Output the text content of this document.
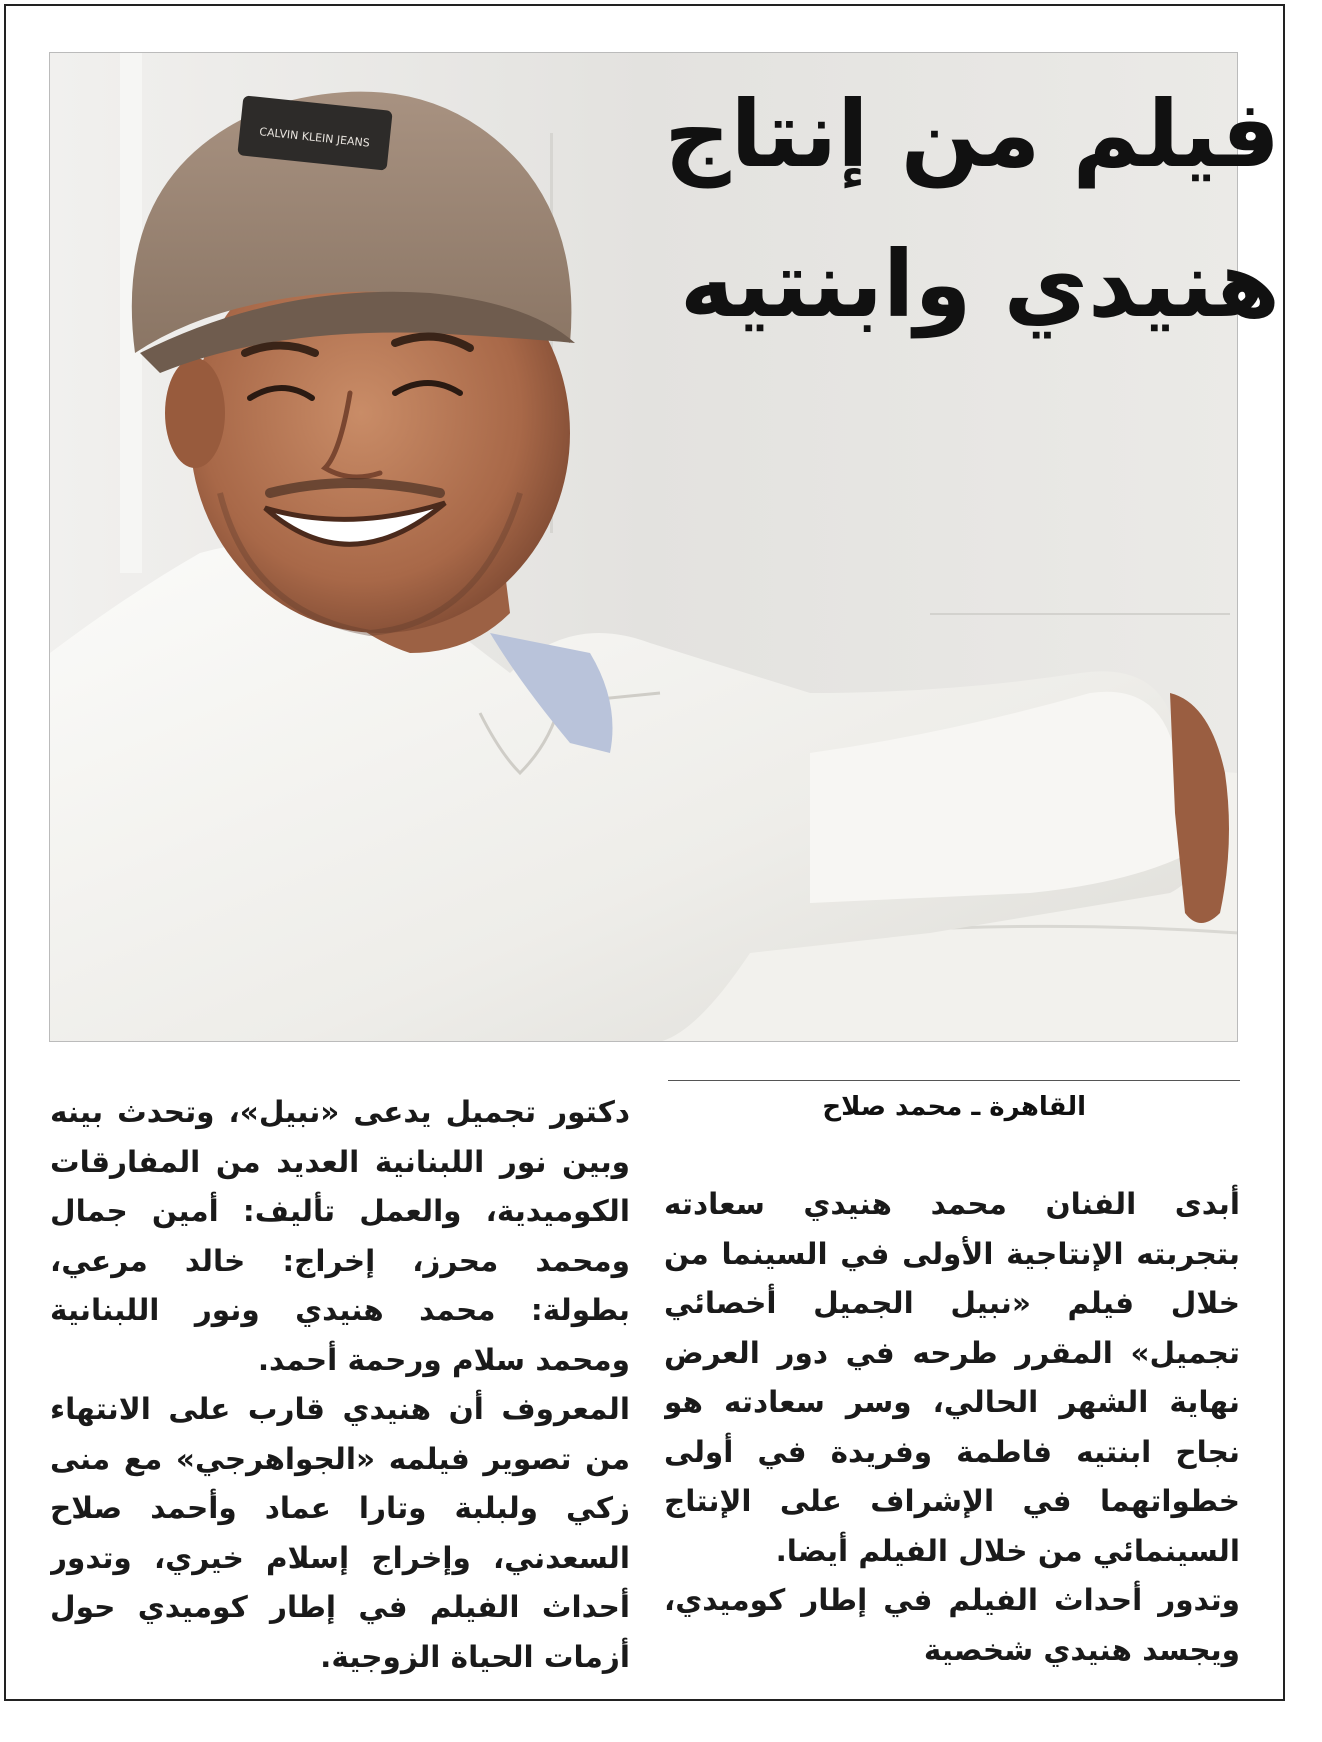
CALVIN KLEIN JEANS	فيلم من إنتاج هنيدي وابنتيه

القاهرة ـ محمد صلاح

أبدى الفنان محمد هنيدي سعادته بتجربته الإنتاجية الأولى في السينما من خلال فيلم «نبيل الجميل أخصائي تجميل» المقرر طرحه في دور العرض نهاية الشهر الحالي، وسر سعادته هو نجاح ابنتيه فاطمة وفريدة في أولى خطواتهما في الإشراف على الإنتاج السينمائي من خلال الفيلم أيضا.

وتدور أحداث الفيلم في إطار كوميدي، ويجسد هنيدي شخصية

دكتور تجميل يدعى «نبيل»، وتحدث بينه وبين نور اللبنانية العديد من المفارقات الكوميدية، والعمل تأليف: أمين جمال ومحمد محرز، إخراج: خالد مرعي، بطولة: محمد هنيدي ونور اللبنانية ومحمد سلام ورحمة أحمد.

المعروف أن هنيدي قارب على الانتهاء من تصوير فيلمه «الجواهرجي» مع منى زكي ولبلبة وتارا عماد وأحمد صلاح السعدني، وإخراج إسلام خيري، وتدور أحداث الفيلم في إطار كوميدي حول أزمات الحياة الزوجية.
